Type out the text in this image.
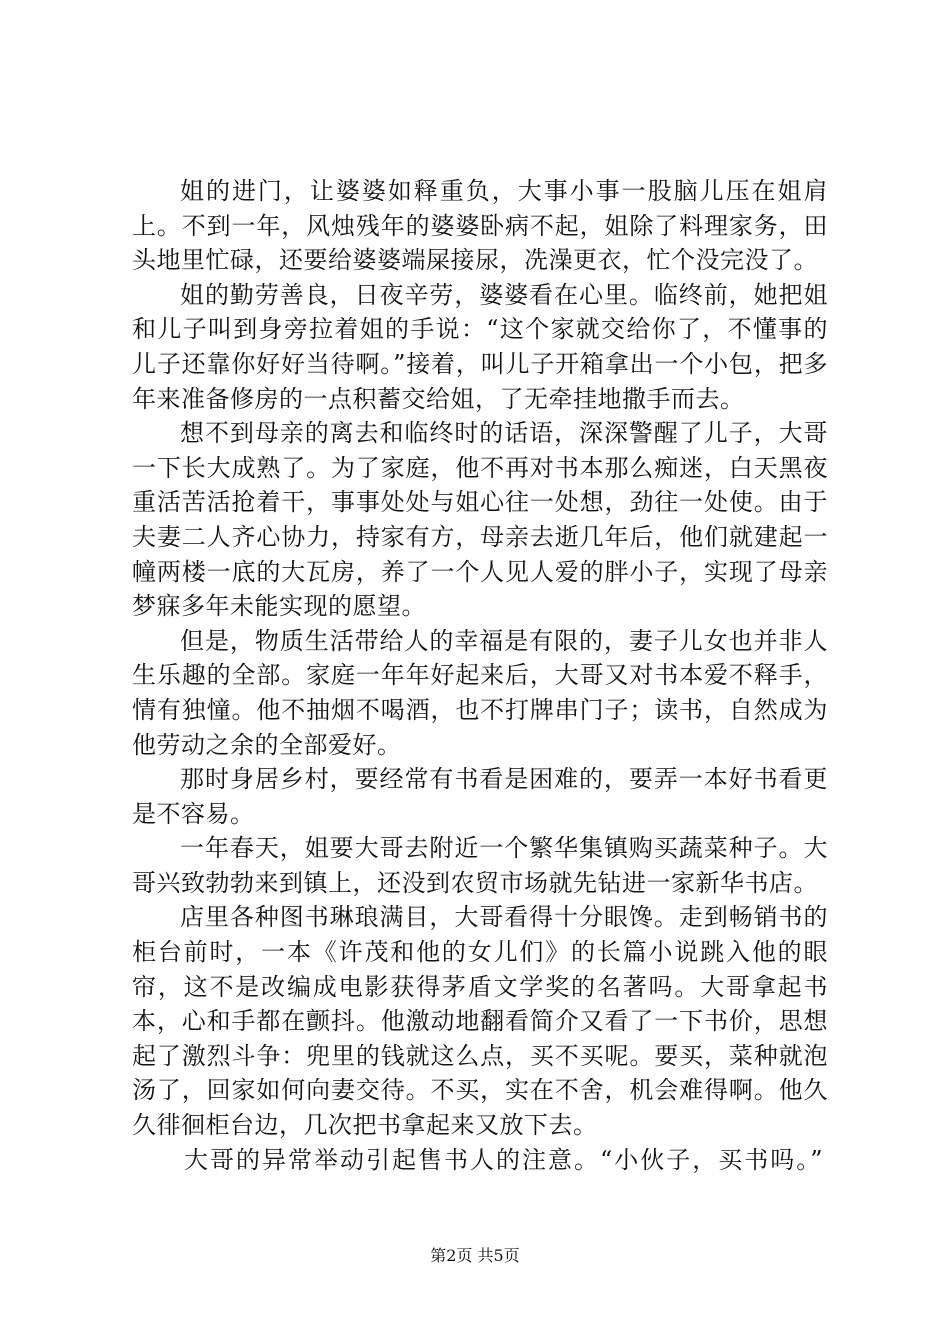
姐的进门，让婆婆如释重负，大事小事一股脑儿压在姐肩上。不到一年，风烛残年的婆婆卧病不起，姐除了料理家务，田头地里忙碌，还要给婆婆端屎接尿，冼澡更衣，忙个没完没了。

姐的勤劳善良，日夜辛劳，婆婆看在心里。临终前，她把姐和儿子叫到身旁拉着姐的手说：“这个家就交给你了，不懂事的儿子还靠你好好当待啊。”接着，叫儿子开箱拿出一个小包，把多年来准备修房的一点积蓄交给姐，了无牵挂地撒手而去。

想不到母亲的离去和临终时的话语，深深警醒了儿子，大哥一下长大成熟了。为了家庭，他不再对书本那么痴迷，白天黑夜重活苦活抢着干，事事处处与姐心往一处想，劲往一处使。由于夫妻二人齐心协力，持家有方，母亲去逝几年后，他们就建起一幢两楼一底的大瓦房，养了一个人见人爱的胖小子，实现了母亲梦寐多年未能实现的愿望。

但是，物质生活带给人的幸福是有限的，妻子儿女也并非人生乐趣的全部。家庭一年年好起来后，大哥又对书本爱不释手，情有独憧。他不抽烟不喝酒，也不打牌串门子；读书，自然成为他劳动之余的全部爱好。

那时身居乡村，要经常有书看是困难的，要弄一本好书看更是不容易。

一年春天，姐要大哥去附近一个繁华集镇购买蔬菜种子。大哥兴致勃勃来到镇上，还没到农贸市场就先钻进一家新华书店。

店里各种图书琳琅满目，大哥看得十分眼馋。走到畅销书的柜台前时，一本《许茂和他的女儿们》的长篇小说跳入他的眼帘，这不是改编成电影获得茅盾文学奖的名著吗。大哥拿起书本，心和手都在颤抖。他激动地翻看简介又看了一下书价，思想起了激烈斗争：兜里的钱就这么点，买不买呢。要买，菜种就泡汤了，回家如何向妻交待。不买，实在不舍，机会难得啊。他久久徘徊柜台边，几次把书拿起来又放下去。

大哥的异常举动引起售书人的注意。“小伙子，买书吗。”

第2页 共5页
